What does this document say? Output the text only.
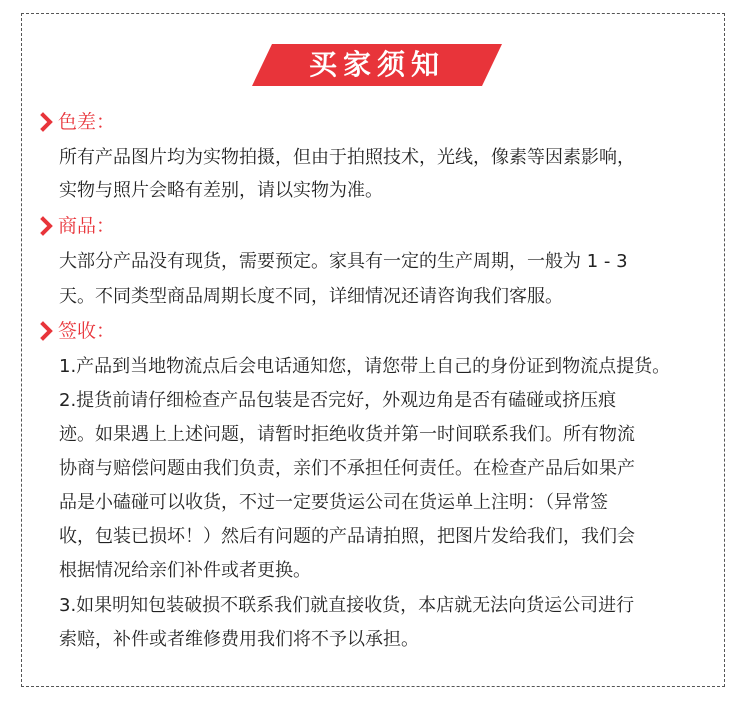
买家须知
色差：
所有产品图片均为实物拍摄，但由于拍照技术，光线，像素等因素影响，
实物与照片会略有差别，请以实物为准。
商品：
大部分产品没有现货，需要预定。家具有一定的生产周期，一般为 1 - 3
天。不同类型商品周期长度不同，详细情况还请咨询我们客服。
签收：
1.产品到当地物流点后会电话通知您，请您带上自己的身份证到物流点提货。
2.提货前请仔细检查产品包装是否完好，外观边角是否有磕碰或挤压痕
迹。如果遇上上述问题，请暂时拒绝收货并第一时间联系我们。所有物流
协商与赔偿问题由我们负责，亲们不承担任何责任。在检查产品后如果产
品是小磕碰可以收货，不过一定要货运公司在货运单上注明：（异常签
收，包装已损坏！）然后有问题的产品请拍照，把图片发给我们，我们会
根据情况给亲们补件或者更换。
3.如果明知包装破损不联系我们就直接收货，本店就无法向货运公司进行
索赔，补件或者维修费用我们将不予以承担。
